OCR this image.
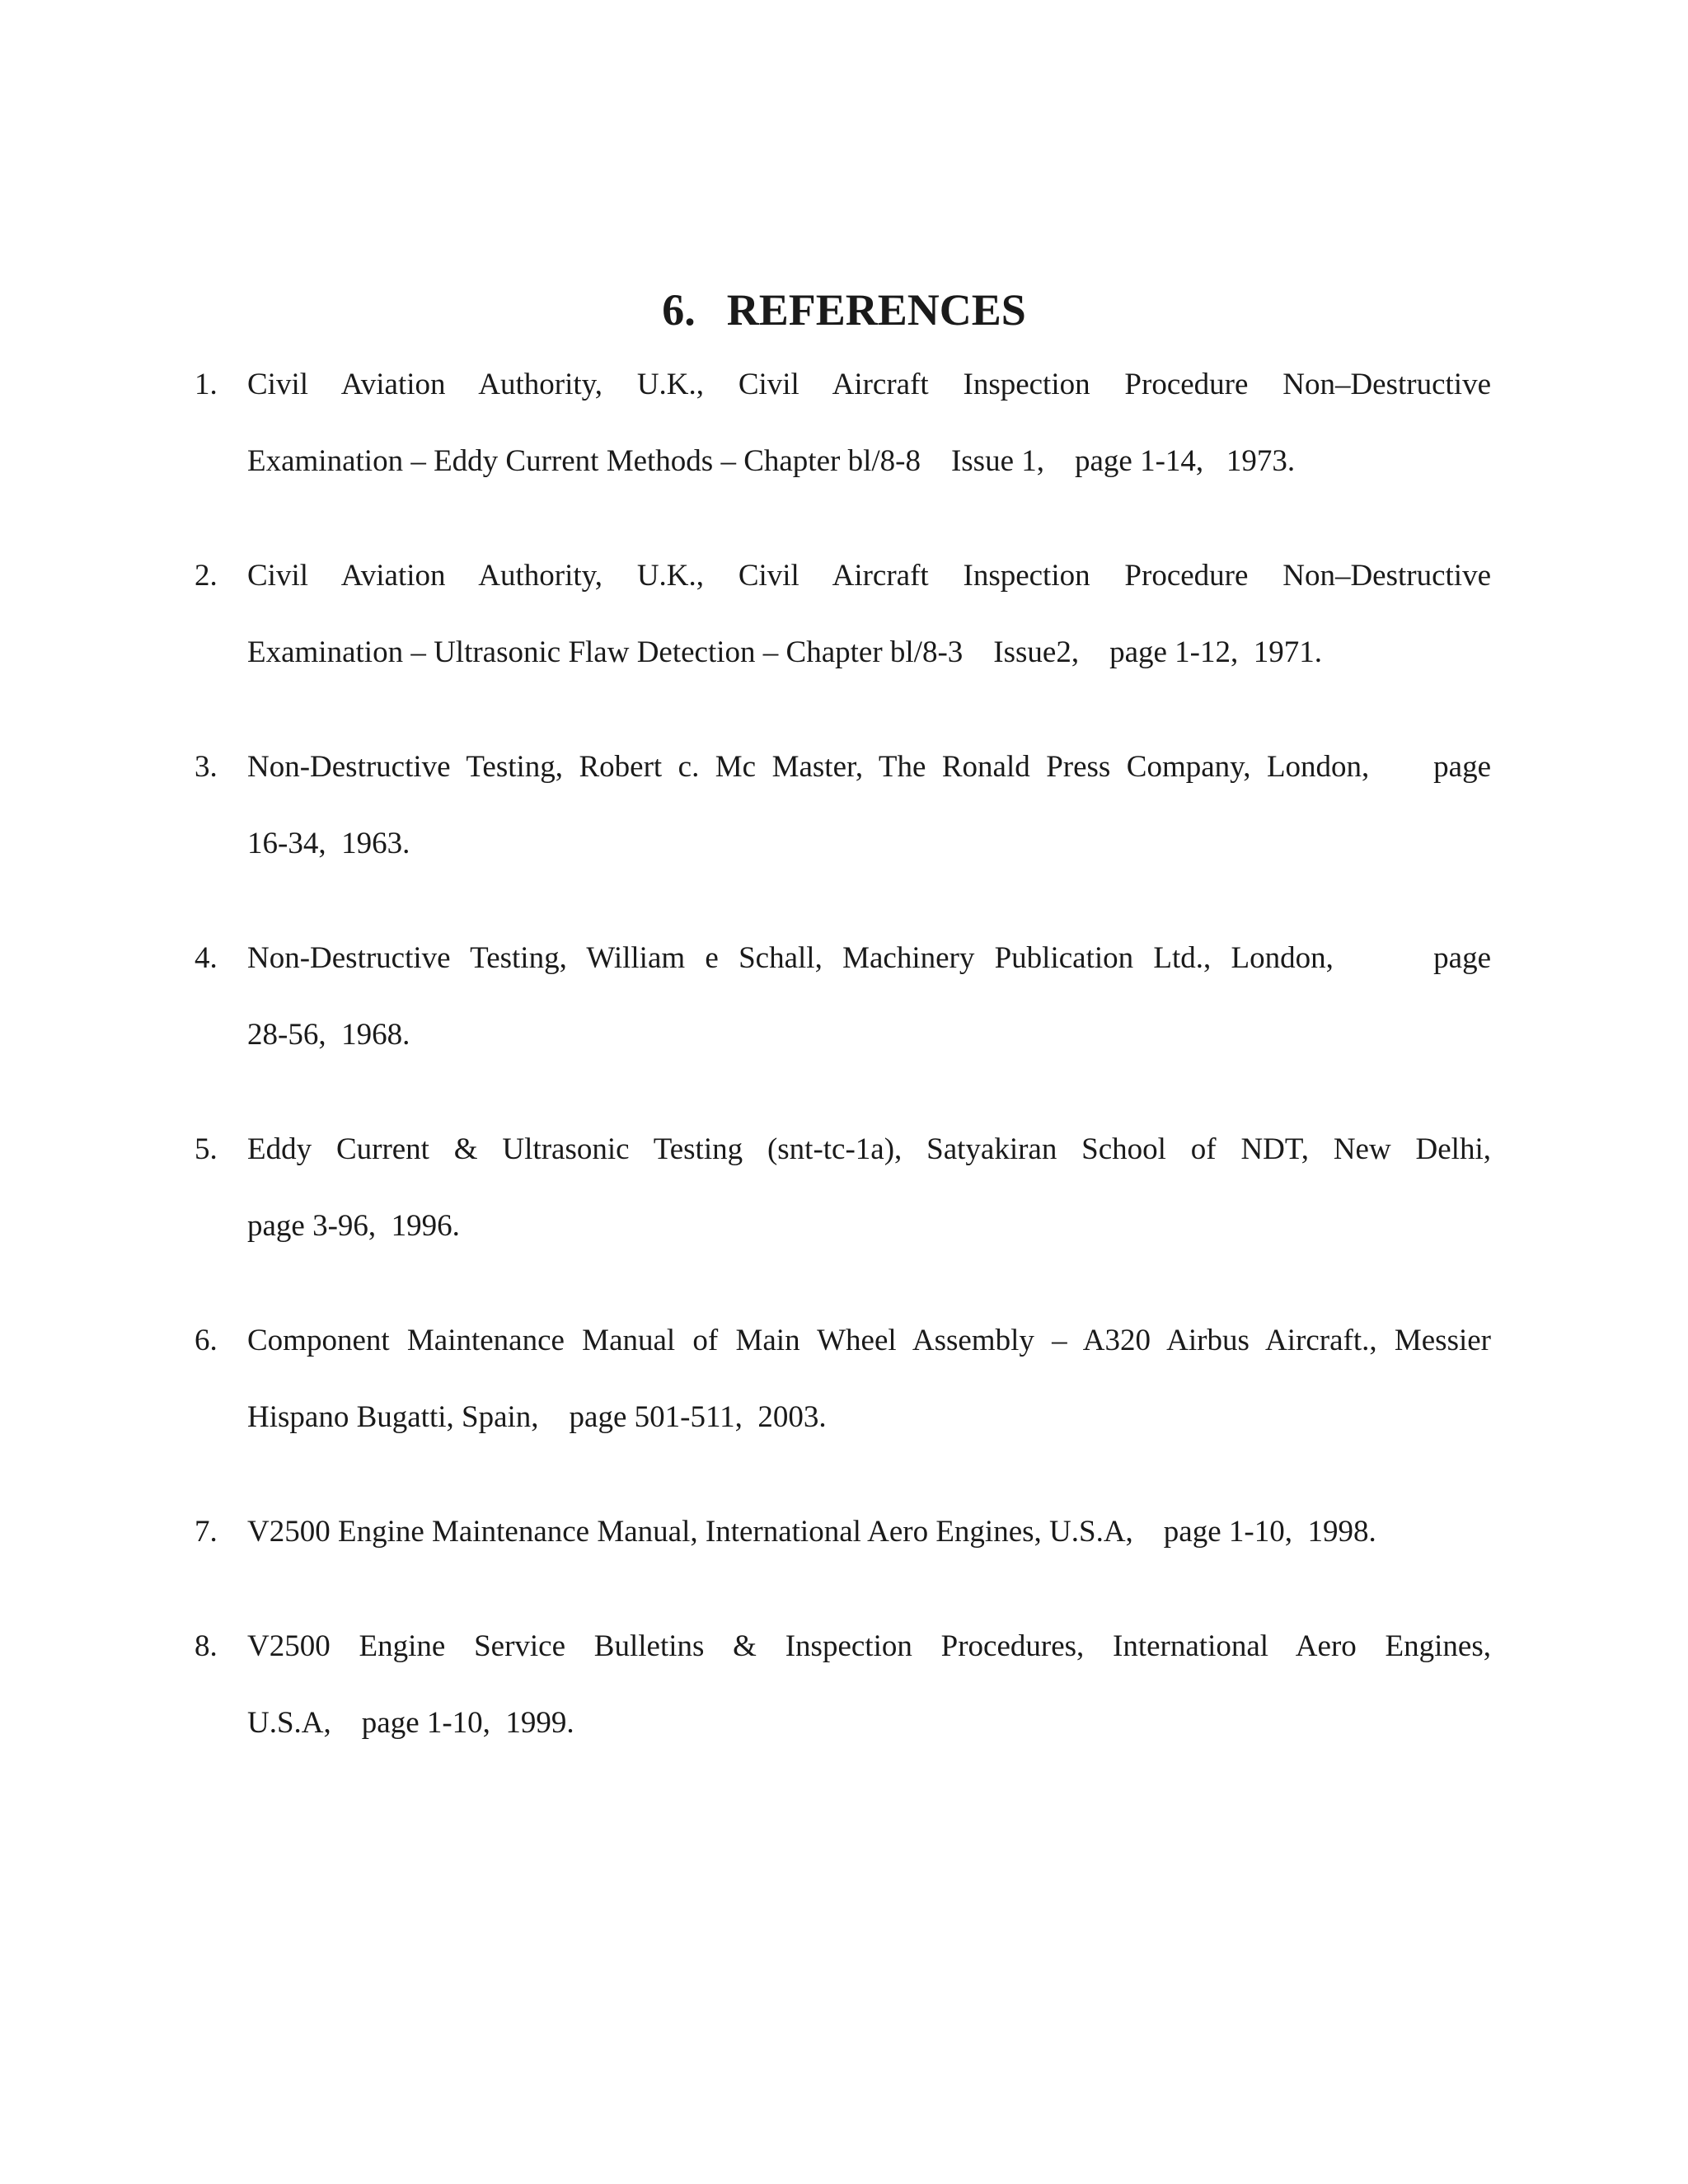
6. REFERENCES
1. Civil Aviation Authority, U.K., Civil Aircraft Inspection Procedure Non–Destructive
Examination – Eddy Current Methods – Chapter bl/8-8    Issue 1,    page 1-14,   1973.
2. Civil Aviation Authority, U.K., Civil Aircraft Inspection Procedure Non–Destructive
Examination – Ultrasonic Flaw Detection – Chapter bl/8-3    Issue2,    page 1-12,  1971.
3. Non-Destructive Testing, Robert c. Mc Master, The Ronald Press Company, London,    page
16-34,  1963.
4. Non-Destructive Testing, William e Schall, Machinery Publication Ltd., London,     page
28-56,  1968.
5. Eddy Current & Ultrasonic Testing (snt-tc-1a), Satyakiran School of NDT, New Delhi,
page 3-96,  1996.
6. Component Maintenance Manual of Main Wheel Assembly – A320 Airbus Aircraft., Messier
Hispano Bugatti, Spain,    page 501-511,  2003.
7. V2500 Engine Maintenance Manual, International Aero Engines, U.S.A,    page 1-10,  1998.
8. V2500 Engine Service Bulletins & Inspection Procedures, International Aero Engines,
U.S.A,    page 1-10,  1999.
